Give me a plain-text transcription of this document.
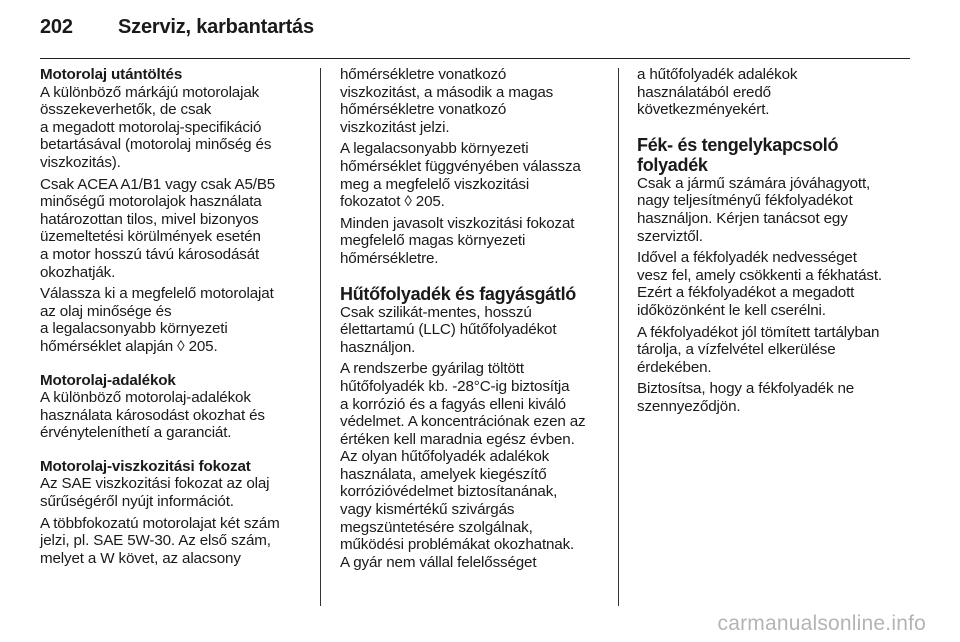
202 Szerviz, karbantartás
Motorolaj utántöltés
A különböző márkájú motorolajak
összekeverhetők, de csak
a megadott motorolaj-specifikáció
betartásával (motorolaj minőség és
viszkozitás).
Csak ACEA A1/B1 vagy csak A5/B5
minőségű motorolajok használata
határozottan tilos, mivel bizonyos
üzemeltetési körülmények esetén
a motor hosszú távú károsodását
okozhatják.
Válassza ki a megfelelő motorolajat
az olaj minősége és
a legalacsonyabb környezeti
hőmérséklet alapján ◊ 205.
Motorolaj-adalékok
A különböző motorolaj-adalékok
használata károsodást okozhat és
érvényteleníthetí a garanciát.
Motorolaj-viszkozitási fokozat
Az SAE viszkozitási fokozat az olaj
sűrűségéről nyújt információt.
A többfokozatú motorolajat két szám
jelzi, pl. SAE 5W-30. Az első szám,
melyet a W követ, az alacsony
hőmérsékletre vonatkozó
viszkozitást, a második a magas
hőmérsékletre vonatkozó
viszkozitást jelzi.
A legalacsonyabb környezeti
hőmérséklet függvényében válassza
meg a megfelelő viszkozitási
fokozatot ◊ 205.
Minden javasolt viszkozitási fokozat
megfelelő magas környezeti
hőmérsékletre.
Hűtőfolyadék és fagyásgátló
Csak szilikát-mentes, hosszú
élettartamú (LLC) hűtőfolyadékot
használjon.
A rendszerbe gyárilag töltött
hűtőfolyadék kb. -28°C-ig biztosítja
a korrózió és a fagyás elleni kiváló
védelmet. A koncentrációnak ezen az
értéken kell maradnia egész évben.
Az olyan hűtőfolyadék adalékok
használata, amelyek kiegészítő
korrózióvédelmet biztosítanának,
vagy kismértékű szivárgás
megszüntetésére szolgálnak,
működési problémákat okozhatnak.
A gyár nem vállal felelősséget
a hűtőfolyadék adalékok
használatából eredő
következményekért.
Fék- és tengelykapcsoló
folyadék
Csak a jármű számára jóváhagyott,
nagy teljesítményű fékfolyadékot
használjon. Kérjen tanácsot egy
szerviztől.
Idővel a fékfolyadék nedvességet
vesz fel, amely csökkenti a fékhatást.
Ezért a fékfolyadékot a megadott
időközönként le kell cserélni.
A fékfolyadékot jól tömített tartályban
tárolja, a vízfelvétel elkerülése
érdekében.
Biztosítsa, hogy a fékfolyadék ne
szennyeződjön.
carmanualsonline.info
